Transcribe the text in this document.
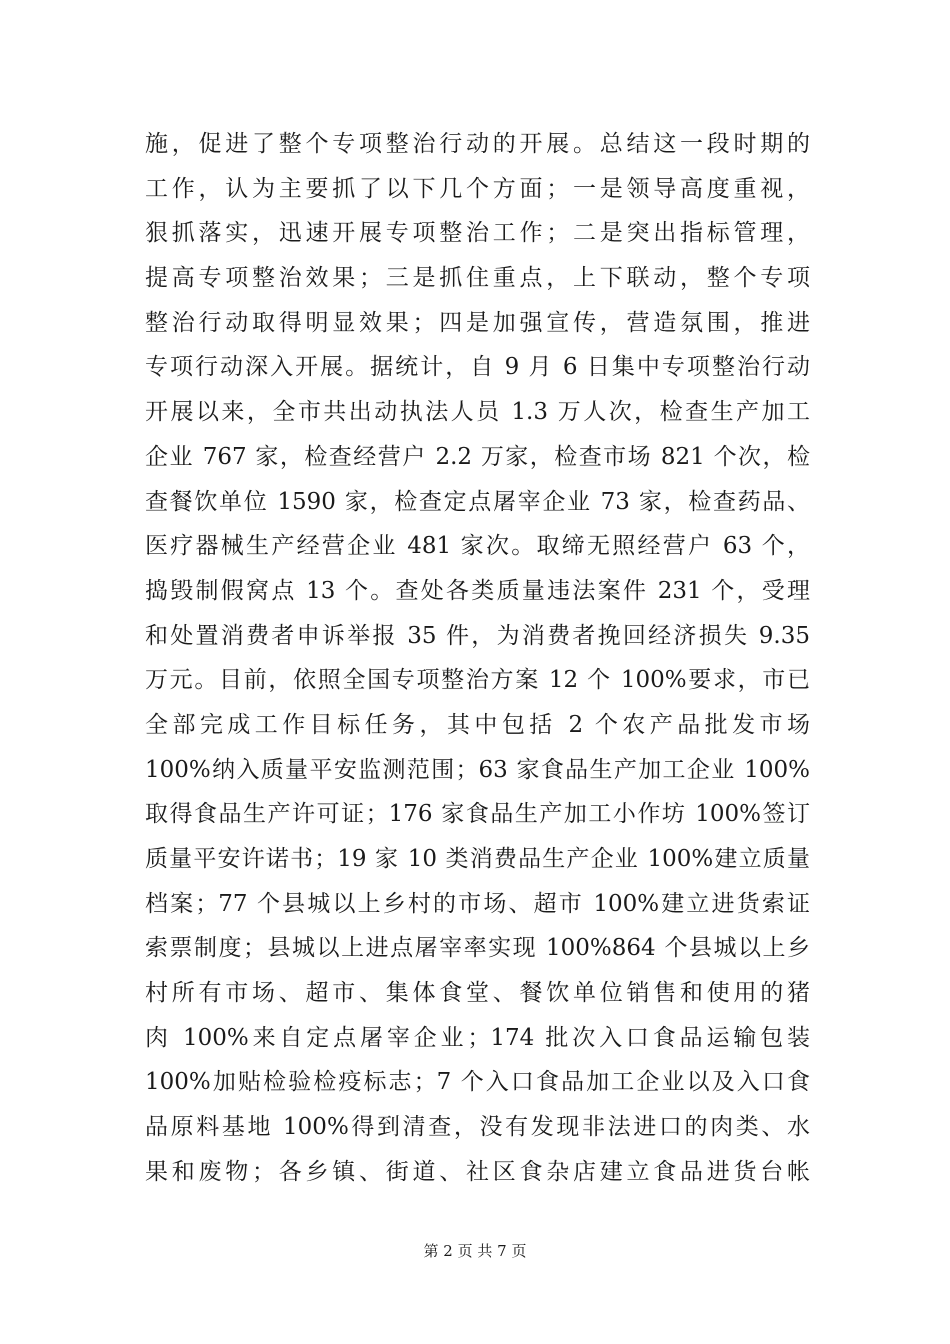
施，促进了整个专项整治行动的开展。总结这一段时期的
工作，认为主要抓了以下几个方面；一是领导高度重视，
狠抓落实，迅速开展专项整治工作；二是突出指标管理，
提高专项整治效果；三是抓住重点，上下联动，整个专项
整治行动取得明显效果；四是加强宣传，营造氛围，推进
专项行动深入开展。据统计，自 9 月 6 日集中专项整治行动
开展以来，全市共出动执法人员 1.3 万人次，检查生产加工
企业 767 家，检查经营户 2.2 万家，检查市场 821 个次，检
查餐饮单位 1590 家，检查定点屠宰企业 73 家，检查药品、
医疗器械生产经营企业 481 家次。取缔无照经营户 63 个，
捣毁制假窝点 13 个。查处各类质量违法案件 231 个，受理
和处置消费者申诉举报 35 件，为消费者挽回经济损失 9.35
万元。目前，依照全国专项整治方案 12 个 100%要求，市已
全部完成工作目标任务，其中包括 2 个农产品批发市场
100%纳入质量平安监测范围；63 家食品生产加工企业 100%
取得食品生产许可证；176 家食品生产加工小作坊 100%签订
质量平安许诺书；19 家 10 类消费品生产企业 100%建立质量
档案；77 个县城以上乡村的市场、超市 100%建立进货索证
索票制度；县城以上进点屠宰率实现 100%864 个县城以上乡
村所有市场、超市、集体食堂、餐饮单位销售和使用的猪
肉 100%来自定点屠宰企业；174 批次入口食品运输包装
100%加贴检验检疫标志；7 个入口食品加工企业以及入口食
品原料基地 100%得到清查，没有发现非法进口的肉类、水
果和废物；各乡镇、街道、社区食杂店建立食品进货台帐
第 2 页 共 7 页
